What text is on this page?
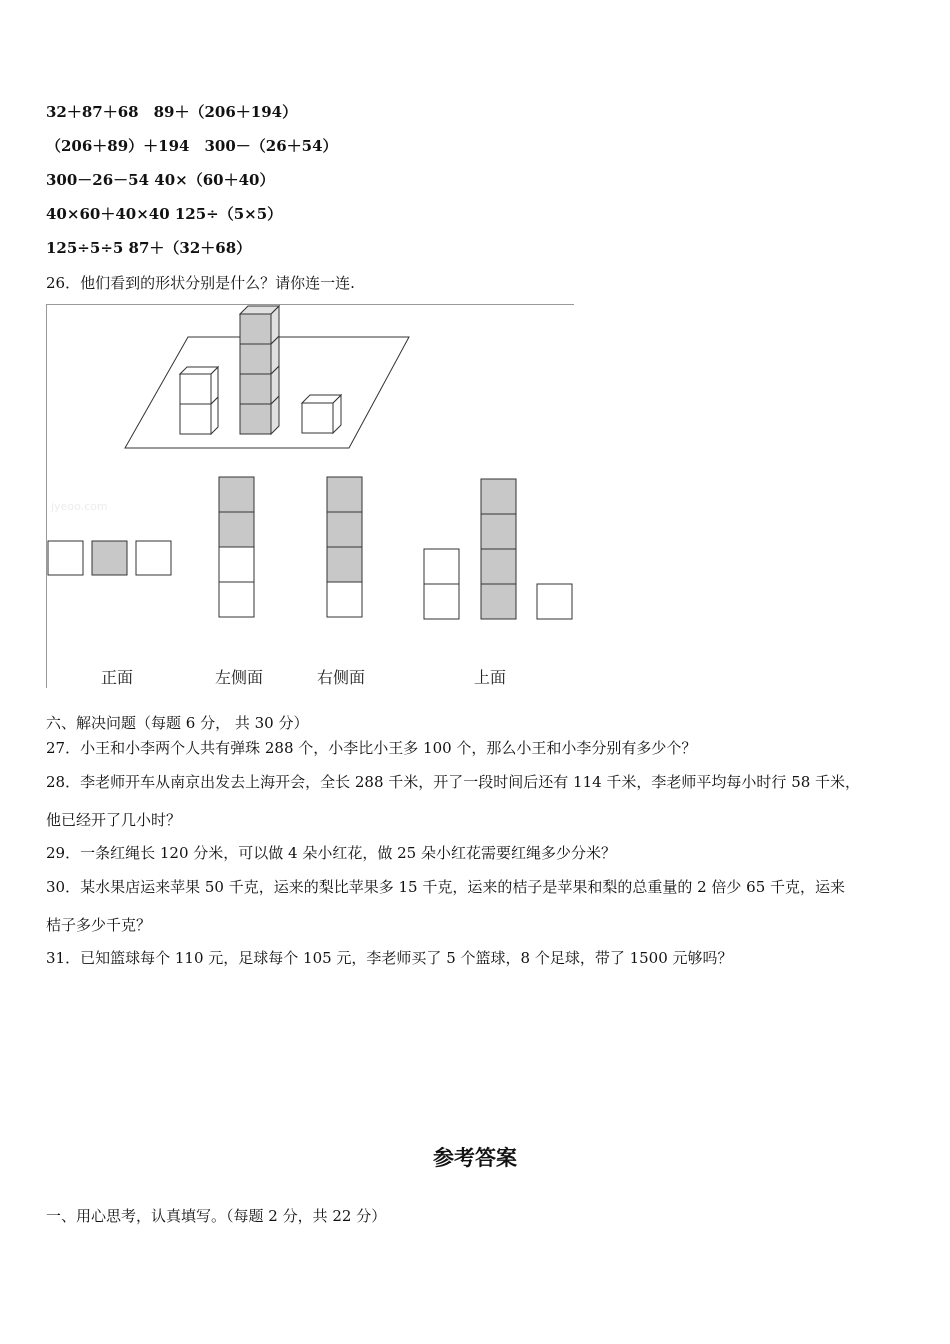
32＋87＋68　89＋（206＋194）
（206＋89）＋194　300－（26＋54）
300－26－54 40×（60＋40）
40×60＋40×40 125÷（5×5）
125÷5÷5 87＋（32＋68）
26．他们看到的形状分别是什么？请你连一连.
jyeoo.com
正面	左侧面	右侧面	上面
六、解决问题（每题 6 分， 共 30 分）
27．小王和小李两个人共有弹珠 288 个，小李比小王多 100 个，那么小王和小李分别有多少个？
28．李老师开车从南京出发去上海开会，全长 288 千米，开了一段时间后还有 114 千米，李老师平均每小时行 58 千米，
他已经开了几小时？
29．一条红绳长 120 分米，可以做 4 朵小红花，做 25 朵小红花需要红绳多少分米？
30．某水果店运来苹果 50 千克，运来的梨比苹果多 15 千克，运来的桔子是苹果和梨的总重量的 2 倍少 65 千克，运来
桔子多少千克？
31．已知篮球每个 110 元，足球每个 105 元，李老师买了 5 个篮球，8 个足球，带了 1500 元够吗？
参考答案
一、用心思考，认真填写。（每题 2 分，共 22 分）
